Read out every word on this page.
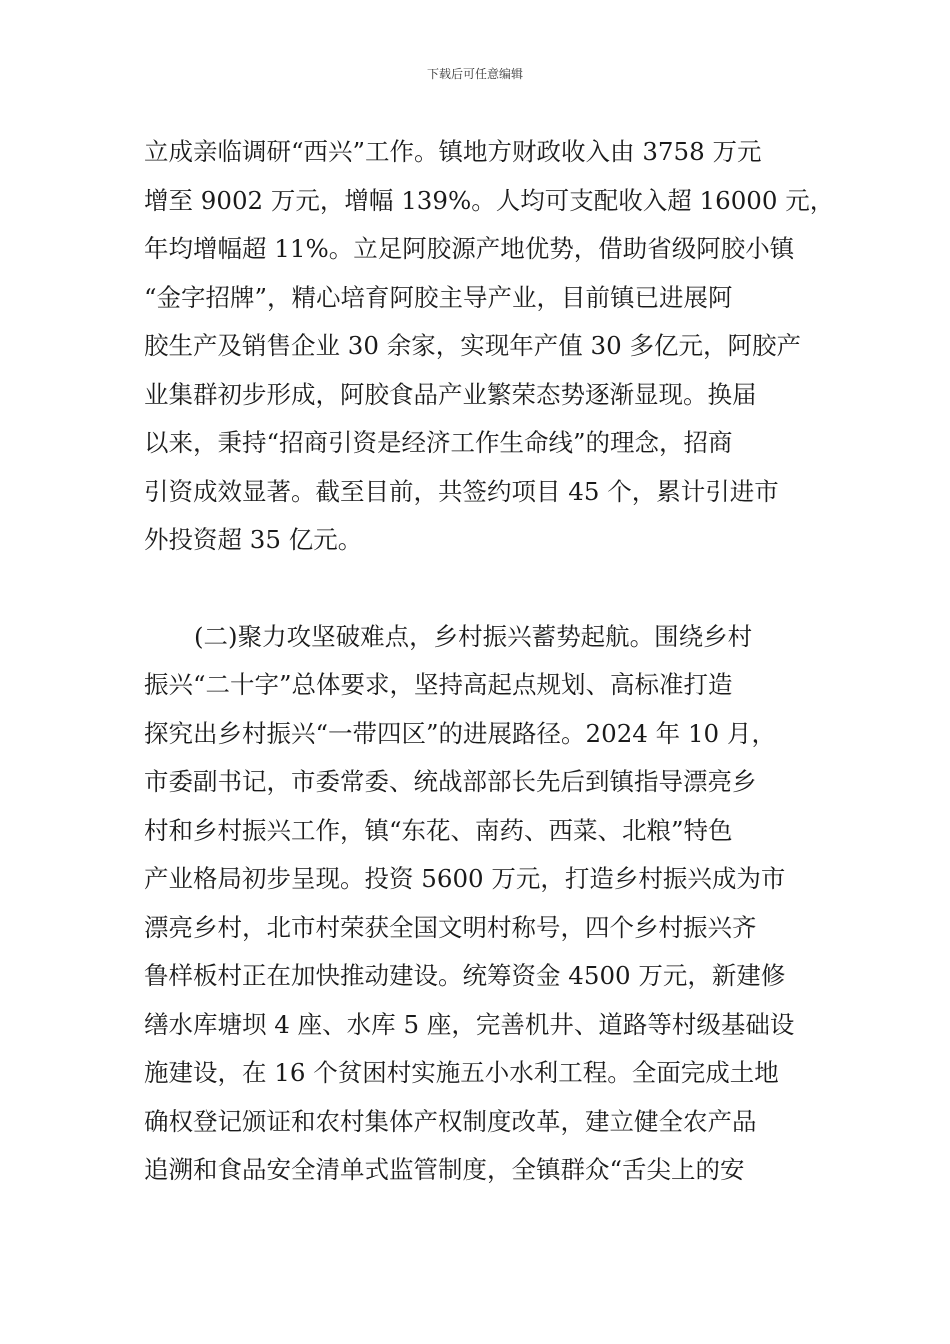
下载后可任意编辑
立成亲临调研“西兴”工作。镇地方财政收入由 3758 万元
增至 9002 万元，增幅 139%。人均可支配收入超 16000 元，
年均增幅超 11%。立足阿胶源产地优势，借助省级阿胶小镇
“金字招牌”，精心培育阿胶主导产业，目前镇已进展阿
胶生产及销售企业 30 余家，实现年产值 30 多亿元，阿胶产
业集群初步形成，阿胶食品产业繁荣态势逐渐显现。换届
以来，秉持“招商引资是经济工作生命线”的理念，招商
引资成效显著。截至目前，共签约项目 45 个，累计引进市
外投资超 35 亿元。
(二)聚力攻坚破难点，乡村振兴蓄势起航。围绕乡村
振兴“二十字”总体要求，坚持高起点规划、高标准打造
探究出乡村振兴“一带四区”的进展路径。2024 年 10 月，
市委副书记，市委常委、统战部部长先后到镇指导漂亮乡
村和乡村振兴工作，镇“东花、南药、西菜、北粮”特色
产业格局初步呈现。投资 5600 万元，打造乡村振兴成为市
漂亮乡村，北市村荣获全国文明村称号，四个乡村振兴齐
鲁样板村正在加快推动建设。统筹资金 4500 万元，新建修
缮水库塘坝 4 座、水库 5 座，完善机井、道路等村级基础设
施建设，在 16 个贫困村实施五小水利工程。全面完成土地
确权登记颁证和农村集体产权制度改革，建立健全农产品
追溯和食品安全清单式监管制度，全镇群众“舌尖上的安
